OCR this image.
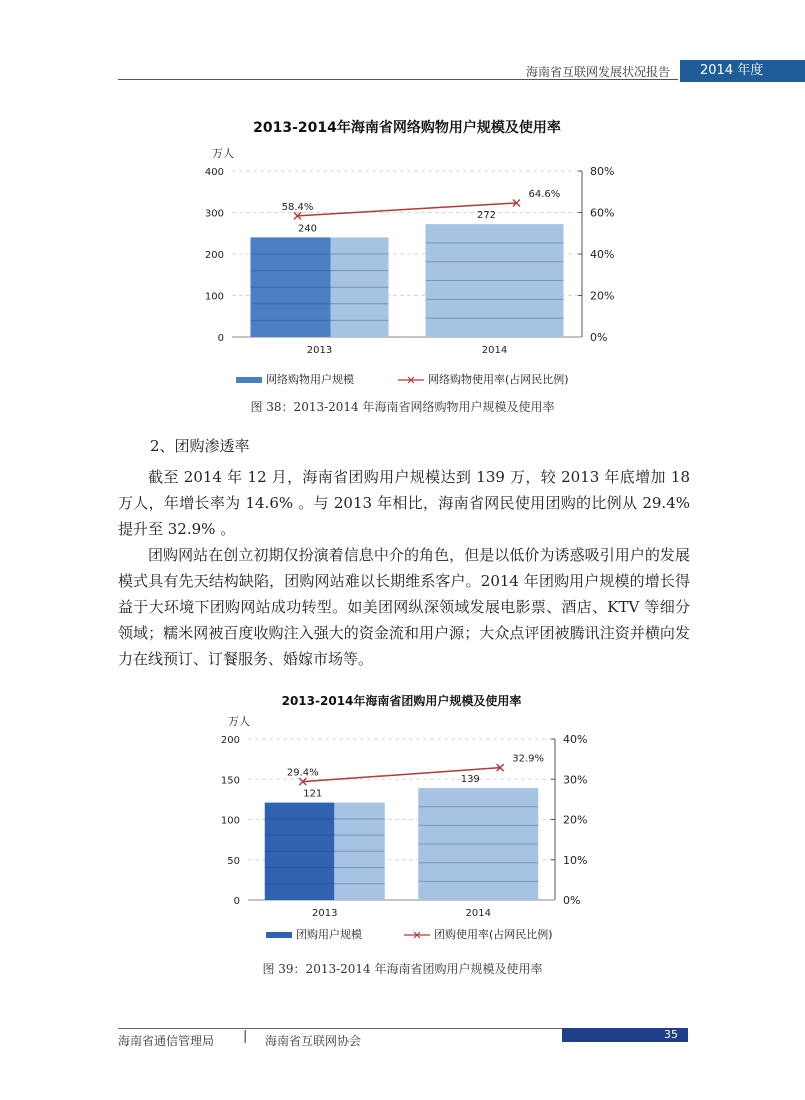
海南省互联网发展状况报告	2014 年度
2013-2014年海南省网络购物用户规模及使用率
万人
0
100
200
300
400
0%
20%
40%
60%
80%
2013
240
2014
272
58.4%
64.6%
网络购物用户规模	网络购物使用率(占网民比例)
图 38：2013-2014 年海南省网络购物用户规模及使用率
2、团购渗透率

截至 2014 年 12 月，海南省团购用户规模达到 139 万，较 2013 年底增加 18 万人，年增长率为 14.6% 。与 2013 年相比，海南省网民使用团购的比例从 29.4% 提升至 32.9% 。

团购网站在创立初期仅扮演着信息中介的角色，但是以低价为诱惑吸引用户的发展模式具有先天结构缺陷，团购网站难以长期维系客户。2014 年团购用户规模的增长得益于大环境下团购网站成功转型。如美团网纵深领域发展电影票、酒店、KTV 等细分领域；糯米网被百度收购注入强大的资金流和用户源；大众点评团被腾讯注资并横向发力在线预订、订餐服务、婚嫁市场等。

2013-2014年海南省团购用户规模及使用率
万人
0
50
100
150
200
0%
10%
20%
30%
40%
2013
121
2014
139
29.4%
32.9%
团购用户规模	团购使用率(占网民比例)
图 39：2013-2014 年海南省团购用户规模及使用率
海南省通信管理局 | 海南省互联网协会	35
